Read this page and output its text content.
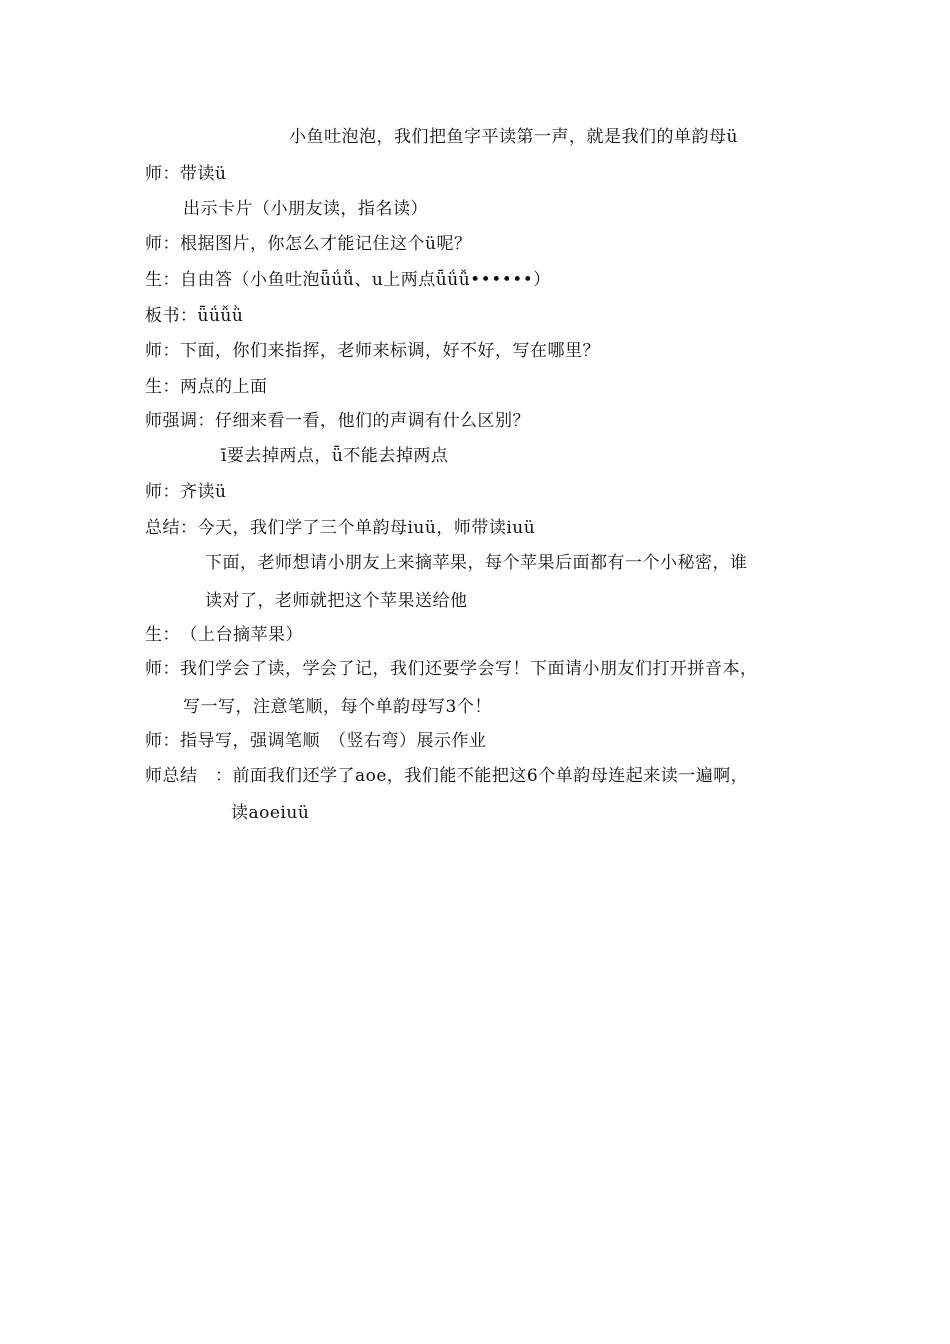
小鱼吐泡泡，我们把鱼字平读第一声，就是我们的单韵母ü
师：带读ü
出示卡片（小朋友读，指名读）
师：根据图片，你怎么才能记住这个ü呢？
生：自由答（小鱼吐泡ǖǘǚ、u上两点ǖǘǚ••••••）
板书：ǖǘǚǜ
师：下面，你们来指挥，老师来标调，好不好，写在哪里？
生：两点的上面
师强调：仔细来看一看，他们的声调有什么区别？
ī要去掉两点，ǖ不能去掉两点
师：齐读ü
总结：今天，我们学了三个单韵母iuü，师带读iuü
下面，老师想请小朋友上来摘苹果，每个苹果后面都有一个小秘密，谁
读对了，老师就把这个苹果送给他
生：　（上台摘苹果）
师：我们学会了读，学会了记，我们还要学会写！下面请小朋友们打开拼音本，
写一写，注意笔顺，每个单韵母写3个！
师：指导写，强调笔顺　（竖右弯）展示作业
师总结　：前面我们还学了aoe，我们能不能把这6个单韵母连起来读一遍啊，
读aoeiuü
